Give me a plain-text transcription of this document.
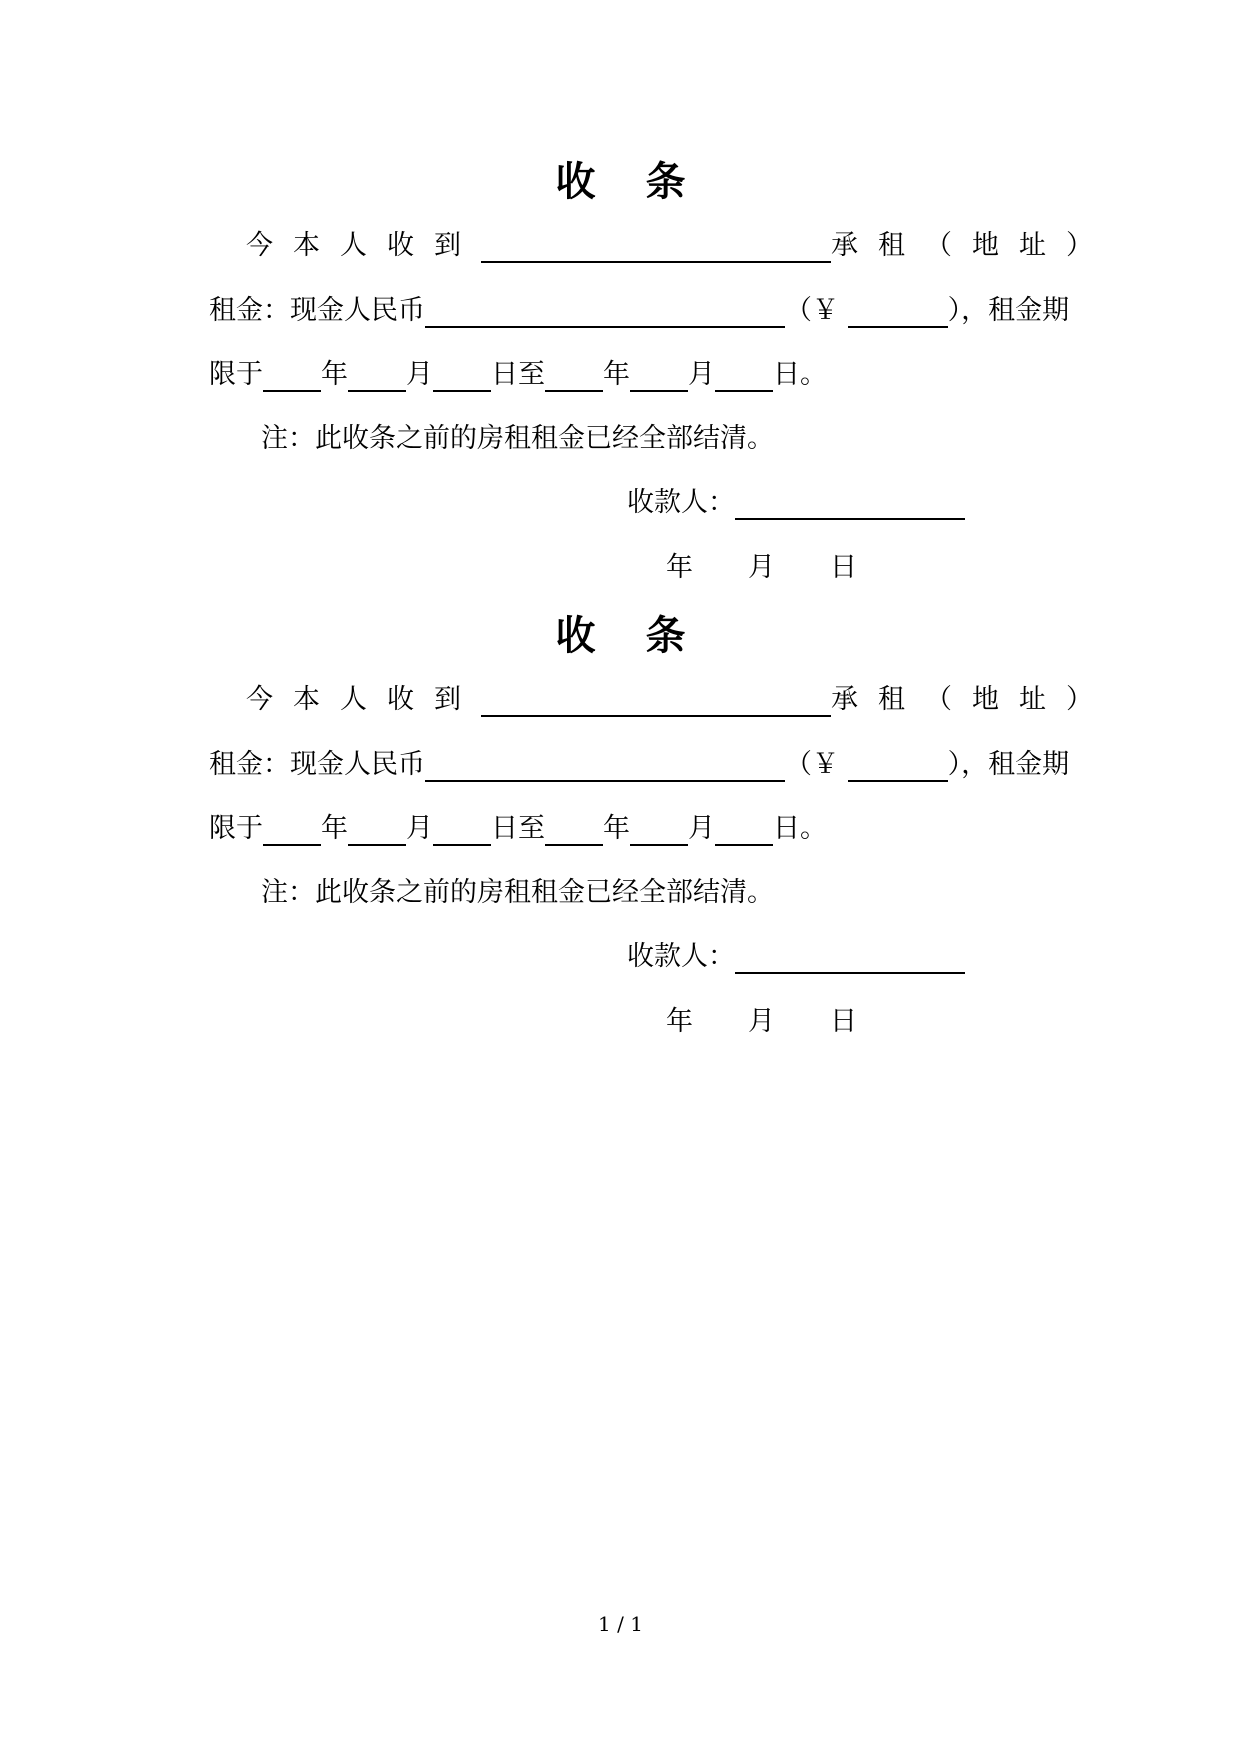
收 条
今本人收到	承租（地址）
租金：现金人民币	（￥	），租金期
限于 年 月 日至 年 月 日。
注：此收条之前的房租租金已经全部结清。
收款人：
年 月 日
收 条
今本人收到	承租（地址）
租金：现金人民币	（￥	），租金期
限于 年 月 日至 年 月 日。
注：此收条之前的房租租金已经全部结清。
收款人：
年 月 日
1 / 1
